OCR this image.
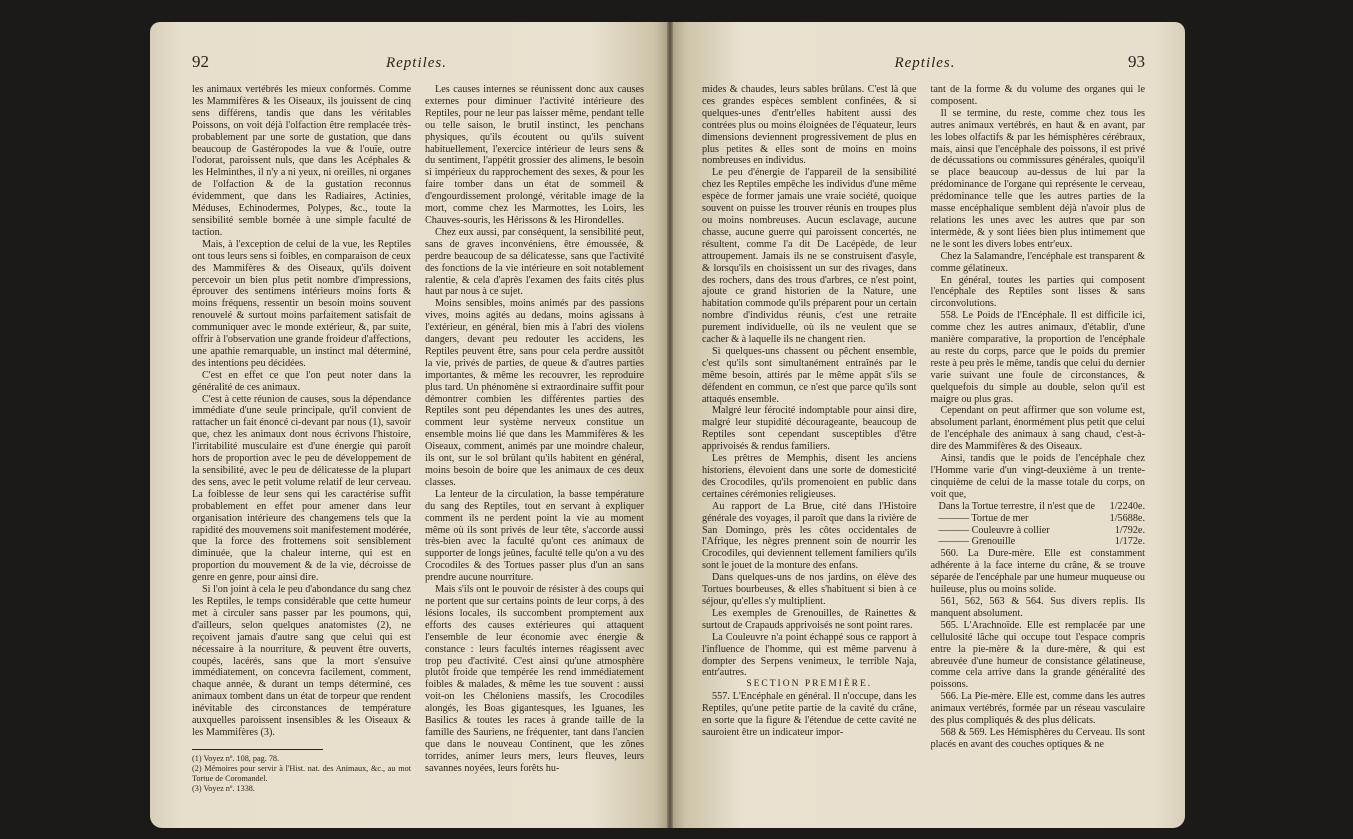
92	Reptiles.

les animaux vertébrés les mieux conformés. Comme les Mammifères & les Oiseaux, ils jouissent de cinq sens différens, tandis que dans les véritables Poissons, on voit déjà l'olfaction être remplacée très-probablement par une sorte de gustation, que dans beaucoup de Gastéropodes la vue & l'ouïe, outre l'odorat, paroissent nuls, que dans les Acéphales & les Helminthes, il n'y a ni yeux, ni oreilles, ni organes de l'olfaction & de la gustation reconnus évidemment, que dans les Radiaires, Actinies, Méduses, Echinodermes, Polypes, &c., toute la sensibilité semble bornée à une simple faculté de taction.

Mais, à l'exception de celui de la vue, les Reptiles ont tous leurs sens si foibles, en comparaison de ceux des Mammifères & des Oiseaux, qu'ils doivent percevoir un bien plus petit nombre d'impressions, éprouver des sentimens intérieurs moins forts & moins fréquens, ressentir un besoin moins souvent renouvelé & surtout moins parfaitement satisfait de communiquer avec le monde extérieur, &, par suite, offrir à l'observation une grande froideur d'affections, une apathie remarquable, un instinct mal déterminé, des intentions peu décidées.

C'est en effet ce que l'on peut noter dans la généralité de ces animaux.

C'est à cette réunion de causes, sous la dépendance immédiate d'une seule principale, qu'il convient de rattacher un fait énoncé ci-devant par nous (1), savoir que, chez les animaux dont nous écrivons l'histoire, l'irritabilité musculaire est d'une énergie qui paroît hors de proportion avec le peu de développement de la sensibilité, avec le peu de délicatesse de la plupart des sens, avec le petit volume relatif de leur cerveau. La foiblesse de leur sens qui les caractérise suffit probablement en effet pour amener dans leur organisation intérieure des changemens tels que la rapidité des mouvemens soit manifestement modérée, que la force des frottemens soit sensiblement diminuée, que la chaleur interne, qui est en proportion du mouvement & de la vie, décroisse de genre en genre, pour ainsi dire.

Si l'on joint à cela le peu d'abondance du sang chez les Reptiles, le temps considérable que cette humeur met à circuler sans passer par les poumons, qui, d'ailleurs, selon quelques anatomistes (2), ne reçoivent jamais d'autre sang que celui qui est nécessaire à la nourriture, & peuvent être ouverts, coupés, lacérés, sans que la mort s'ensuive immédiatement, on concevra facilement, comment, chaque année, & durant un temps déterminé, ces animaux tombent dans un état de torpeur que rendent inévitable des circonstances de température auxquelles paroissent insensibles & les Oiseaux & les Mammifères (3).

(1) Voyez nº. 108, pag. 78.
(2) Mémoires pour servir à l'Hist. nat. des Animaux, &c., au mot Tortue de Coromandel.
(3) Voyez nº. 1338.

Les causes internes se réunissent donc aux causes externes pour diminuer l'activité intérieure des Reptiles, pour ne leur pas laisser même, pendant telle ou telle saison, le brutil instinct, les penchans physiques, qu'ils écoutent ou qu'ils suivent habituellement, l'exercice intérieur de leurs sens & du sentiment, l'appétit grossier des alimens, le besoin si impérieux du rapprochement des sexes, & pour les faire tomber dans un état de sommeil & d'engourdissement prolongé, véritable image de la mort, comme chez les Marmottes, les Loirs, les Chauves-souris, les Hérissons & les Hirondelles.

Chez eux aussi, par conséquent, la sensibilité peut, sans de graves inconvéniens, être émoussée, & perdre beaucoup de sa délicatesse, sans que l'activité des fonctions de la vie intérieure en soit notablement ralentie, & cela d'après l'examen des faits cités plus haut par nous à ce sujet.

Moins sensibles, moins animés par des passions vives, moins agités au dedans, moins agissans à l'extérieur, en général, bien mis à l'abri des violens dangers, devant peu redouter les accidens, les Reptiles peuvent être, sans pour cela perdre aussitôt la vie, privés de parties, de queue & d'autres parties importantes, & même les recouvrer, les reproduire plus tard. Un phénomène si extraordinaire suffit pour démontrer combien les différentes parties des Reptiles sont peu dépendantes les unes des autres, comment leur système nerveux constitue un ensemble moins lié que dans les Mammifères & les Oiseaux, comment, animés par une moindre chaleur, ils ont, sur le sol brûlant qu'ils habitent en général, moins besoin de boire que les animaux de ces deux classes.

La lenteur de la circulation, la basse température du sang des Reptiles, tout en servant à expliquer comment ils ne perdent point la vie au moment même où ils sont privés de leur tête, s'accorde aussi très-bien avec la faculté qu'ont ces animaux de supporter de longs jeûnes, faculté telle qu'on a vu des Crocodiles & des Tortues passer plus d'un an sans prendre aucune nourriture.

Mais s'ils ont le pouvoir de résister à des coups qui ne portent que sur certains points de leur corps, à des lésions locales, ils succombent promptement aux efforts des causes extérieures qui attaquent l'ensemble de leur économie avec énergie & constance : leurs facultés internes réagissent avec trop peu d'activité. C'est ainsi qu'une atmosphère plutôt froide que tempérée les rend immédiatement foibles & malades, & même les tue souvent : aussi voit-on les Chéloniens massifs, les Crocodiles alongés, les Boas gigantesques, les Iguanes, les Basilics & toutes les races à grande taille de la famille des Sauriens, ne fréquenter, tant dans l'ancien que dans le nouveau Continent, que les zônes torrides, animer leurs mers, leurs fleuves, leurs savannes noyées, leurs forêts hu-

Reptiles.	93

mides & chaudes, leurs sables brûlans. C'est là que ces grandes espèces semblent confinées, & si quelques-unes d'entr'elles habitent aussi des contrées plus ou moins éloignées de l'équateur, leurs dimensions deviennent progressivement de plus en plus petites & elles sont de moins en moins nombreuses en individus.

Le peu d'énergie de l'appareil de la sensibilité chez les Reptiles empêche les individus d'une même espèce de former jamais une vraie société, quoique souvent on puisse les trouver réunis en troupes plus ou moins nombreuses. Aucun esclavage, aucune chasse, aucune guerre qui paroissent concertés, ne résultent, comme l'a dit De Lacépède, de leur attroupement. Jamais ils ne se construisent d'asyle, & lorsqu'ils en choisissent un sur des rivages, dans des rochers, dans des trous d'arbres, ce n'est point, ajoute ce grand historien de la Nature, une habitation commode qu'ils préparent pour un certain nombre d'individus réunis, c'est une retraite purement individuelle, où ils ne veulent que se cacher & à laquelle ils ne changent rien.

Si quelques-uns chassent ou pêchent ensemble, c'est qu'ils sont simultanément entraînés par le même besoin, attirés par le même appât s'ils se défendent en commun, ce n'est que parce qu'ils sont attaqués ensemble.

Malgré leur férocité indomptable pour ainsi dire, malgré leur stupidité décourageante, beaucoup de Reptiles sont cependant susceptibles d'être apprivoisés & rendus familiers.

Les prêtres de Memphis, disent les anciens historiens, élevoient dans une sorte de domesticité des Crocodiles, qu'ils promenoient en public dans certaines cérémonies religieuses.

Au rapport de La Brue, cité dans l'Histoire générale des voyages, il paroît que dans la rivière de San Domingo, près les côtes occidentales de l'Afrique, les nègres prennent soin de nourrir les Crocodiles, qui deviennent tellement familiers qu'ils sont le jouet de la monture des enfans.

Dans quelques-uns de nos jardins, on élève des Tortues bourbeuses, & elles s'habituent si bien à ce séjour, qu'elles s'y multiplient.

Les exemples de Grenouilles, de Rainettes & surtout de Crapauds apprivoisés ne sont point rares.

La Couleuvre n'a point échappé sous ce rapport à l'influence de l'homme, qui est même parvenu à dompter des Serpens venimeux, le terrible Naja, entr'autres.

SECTION PREMIÈRE.

557. L'Encéphale en général. Il n'occupe, dans les Reptiles, qu'une petite partie de la cavité du crâne, en sorte que la figure & l'étendue de cette cavité ne sauroient être un indicateur impor-

tant de la forme & du volume des organes qui le composent.

Il se termine, du reste, comme chez tous les autres animaux vertébrés, en haut & en avant, par les lobes olfactifs & par les hémisphères cérébraux, mais, ainsi que l'encéphale des poissons, il est privé de décussations ou commissures générales, quoiqu'il se place beaucoup au-dessus de lui par la prédominance de l'organe qui représente le cerveau, prédominance telle que les autres parties de la masse encéphalique semblent déjà n'avoir plus de relations les unes avec les autres que par son intermède, & y sont liées bien plus intimement que ne le sont les divers lobes entr'eux.

Chez la Salamandre, l'encéphale est transparent & comme gélatineux.

En général, toutes les parties qui composent l'encéphale des Reptiles sont lisses & sans circonvolutions.

558. Le Poids de l'Encéphale. Il est difficile ici, comme chez les autres animaux, d'établir, d'une manière comparative, la proportion de l'encéphale au reste du corps, parce que le poids du premier reste à peu près le même, tandis que celui du dernier varie suivant une foule de circonstances, & quelquefois du simple au double, selon qu'il est maigre ou plus gras.

Cependant on peut affirmer que son volume est, absolument parlant, énormément plus petit que celui de l'encéphale des animaux à sang chaud, c'est-à-dire des Mammifères & des Oiseaux.

Ainsi, tandis que le poids de l'encéphale chez l'Homme varie d'un vingt-deuxième à un trente-cinquième de celui de la masse totale du corps, on voit que,

Dans la Tortue terrestre, il n'est que de 1/2240e.
——— Tortue de mer	1/5688e.
——— Couleuvre à collier	1/792e.
——— Grenouille	1/172e.

560. La Dure-mère. Elle est constamment adhérente à la face interne du crâne, & se trouve séparée de l'encéphale par une humeur muqueuse ou huileuse, plus ou moins solide.

561, 562, 563 & 564. Sus divers replis. Ils manquent absolument.

565. L'Arachnoïde. Elle est remplacée par une cellulosité lâche qui occupe tout l'espace compris entre la pie-mère & la dure-mère, & qui est abreuvée d'une humeur de consistance gélatineuse, comme cela arrive dans la grande généralité des poissons.

566. La Pie-mère. Elle est, comme dans les autres animaux vertébrés, formée par un réseau vasculaire des plus compliqués & des plus délicats.

568 & 569. Les Hémisphères du Cerveau. Ils sont placés en avant des couches optiques & ne
